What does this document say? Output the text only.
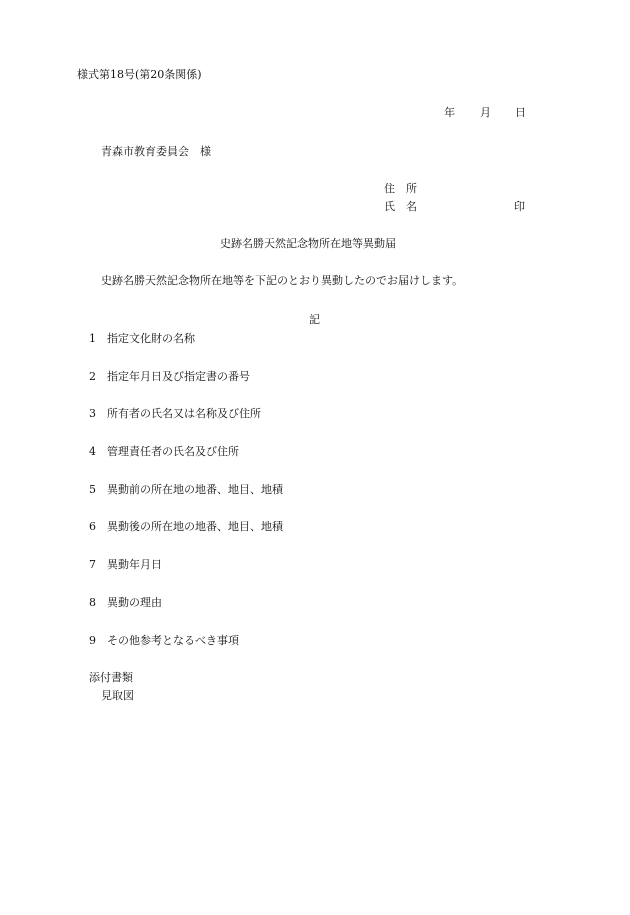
様式第18号(第20条関係)
年 月 日
青森市教育委員会　様
住　所
氏　名	印
史跡名勝天然記念物所在地等異動届
史跡名勝天然記念物所在地等を下記のとおり異動したのでお届けします。
記
1 指定文化財の名称
2 指定年月日及び指定書の番号
3 所有者の氏名又は名称及び住所
4 管理責任者の氏名及び住所
5 異動前の所在地の地番、地目、地積
6 異動後の所在地の地番、地目、地積
7 異動年月日
8 異動の理由
9 その他参考となるべき事項
添付書類
見取図
